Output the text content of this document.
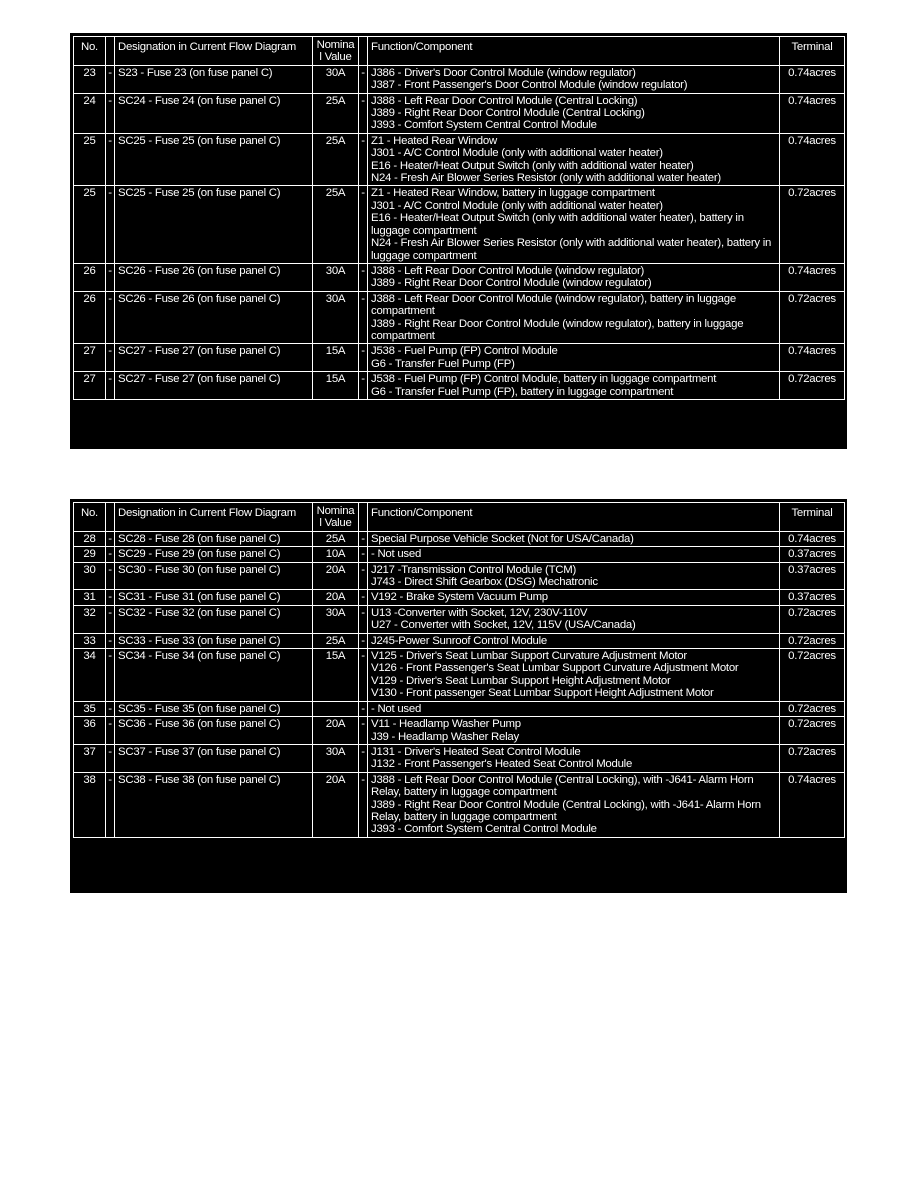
No.		Designation in Current Flow Diagram	Nomina l Value		Function/Component	Terminal
23	-	S23 - Fuse 23 (on fuse panel C)	30A	-	J386 - Driver's Door Control Module (window regulator)
J387 - Front Passenger's Door Control Module (window regulator)	0.74acres
24	-	SC24 - Fuse 24 (on fuse panel C)	25A	-	J388 - Left Rear Door Control Module (Central Locking)
J389 - Right Rear Door Control Module (Central Locking)
J393 - Comfort System Central Control Module	0.74acres
25	-	SC25 - Fuse 25 (on fuse panel C)	25A	-	Z1 - Heated Rear Window
J301 - A/C Control Module (only with additional water heater)
E16 - Heater/Heat Output Switch (only with additional water heater)
N24 - Fresh Air Blower Series Resistor (only with additional water heater)	0.74acres
25	-	SC25 - Fuse 25 (on fuse panel C)	25A	-	Z1 - Heated Rear Window, battery in luggage compartment
J301 - A/C Control Module (only with additional water heater)
E16 - Heater/Heat Output Switch (only with additional water heater), battery in luggage compartment
N24 - Fresh Air Blower Series Resistor (only with additional water heater), battery in luggage compartment	0.72acres
26	-	SC26 - Fuse 26 (on fuse panel C)	30A	-	J388 - Left Rear Door Control Module (window regulator)
J389 - Right Rear Door Control Module (window regulator)	0.74acres
26	-	SC26 - Fuse 26 (on fuse panel C)	30A	-	J388 - Left Rear Door Control Module (window regulator), battery in luggage compartment
J389 - Right Rear Door Control Module (window regulator), battery in luggage compartment	0.72acres
27	-	SC27 - Fuse 27 (on fuse panel C)	15A	-	J538 - Fuel Pump (FP) Control Module
G6 - Transfer Fuel Pump (FP)	0.74acres
27	-	SC27 - Fuse 27 (on fuse panel C)	15A	-	J538 - Fuel Pump (FP) Control Module, battery in luggage compartment
G6 - Transfer Fuel Pump (FP), battery in luggage compartment	0.72acres
No.		Designation in Current Flow Diagram	Nomina l Value		Function/Component	Terminal
28	-	SC28 - Fuse 28 (on fuse panel C)	25A	-	Special Purpose Vehicle Socket (Not for USA/Canada)	0.74acres
29	-	SC29 - Fuse 29 (on fuse panel C)	10A	-	- Not used	0.37acres
30	-	SC30 - Fuse 30 (on fuse panel C)	20A	-	J217 -Transmission Control Module (TCM)
J743 - Direct Shift Gearbox (DSG) Mechatronic	0.37acres
31	-	SC31 - Fuse 31 (on fuse panel C)	20A	-	V192 - Brake System Vacuum Pump	0.37acres
32	-	SC32 - Fuse 32 (on fuse panel C)	30A	-	U13 -Converter with Socket, 12V, 230V-110V
U27 - Converter with Socket, 12V, 115V (USA/Canada)	0.72acres
33	-	SC33 - Fuse 33 (on fuse panel C)	25A	-	J245-Power Sunroof Control Module	0.72acres
34	-	SC34 - Fuse 34 (on fuse panel C)	15A	-	V125 - Driver's Seat Lumbar Support Curvature Adjustment Motor
V126 - Front Passenger's Seat Lumbar Support Curvature Adjustment Motor
V129 - Driver's Seat Lumbar Support Height Adjustment Motor
V130 - Front passenger Seat Lumbar Support Height Adjustment Motor	0.72acres
35	-	SC35 - Fuse 35 (on fuse panel C)		-	- Not used	0.72acres
36	-	SC36 - Fuse 36 (on fuse panel C)	20A	-	V11 - Headlamp Washer Pump
J39 - Headlamp Washer Relay	0.72acres
37	-	SC37 - Fuse 37 (on fuse panel C)	30A	-	J131 - Driver's Heated Seat Control Module
J132 - Front Passenger's Heated Seat Control Module	0.72acres
38	-	SC38 - Fuse 38 (on fuse panel C)	20A	-	J388 - Left Rear Door Control Module (Central Locking), with -J641- Alarm Horn Relay, battery in luggage compartment
J389 - Right Rear Door Control Module (Central Locking), with -J641- Alarm Horn Relay, battery in luggage compartment
J393 - Comfort System Central Control Module	0.74acres
